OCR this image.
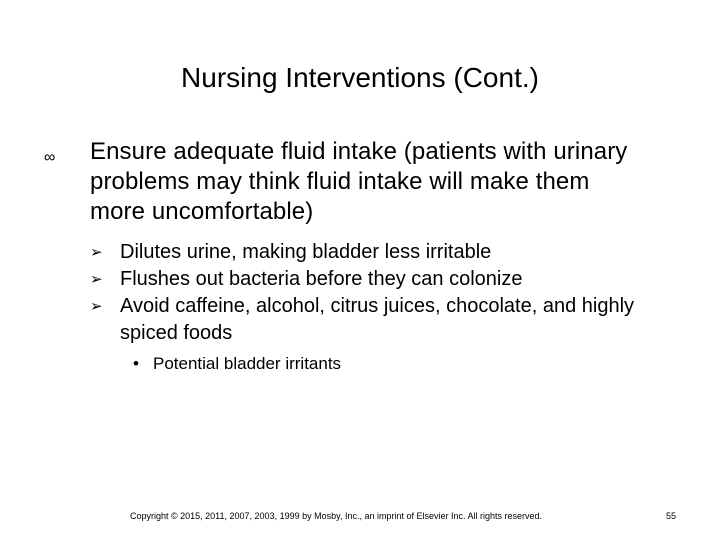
Nursing Interventions (Cont.)
∞ Ensure adequate fluid intake (patients with urinary problems may think fluid intake will make them more uncomfortable)
➢ Dilutes urine, making bladder less irritable
➢ Flushes out bacteria before they can colonize
➢ Avoid caffeine, alcohol, citrus juices, chocolate, and highly spiced foods
• Potential bladder irritants
Copyright © 2015, 2011, 2007, 2003, 1999 by Mosby, Inc., an imprint of Elsevier Inc. All rights reserved.	55
